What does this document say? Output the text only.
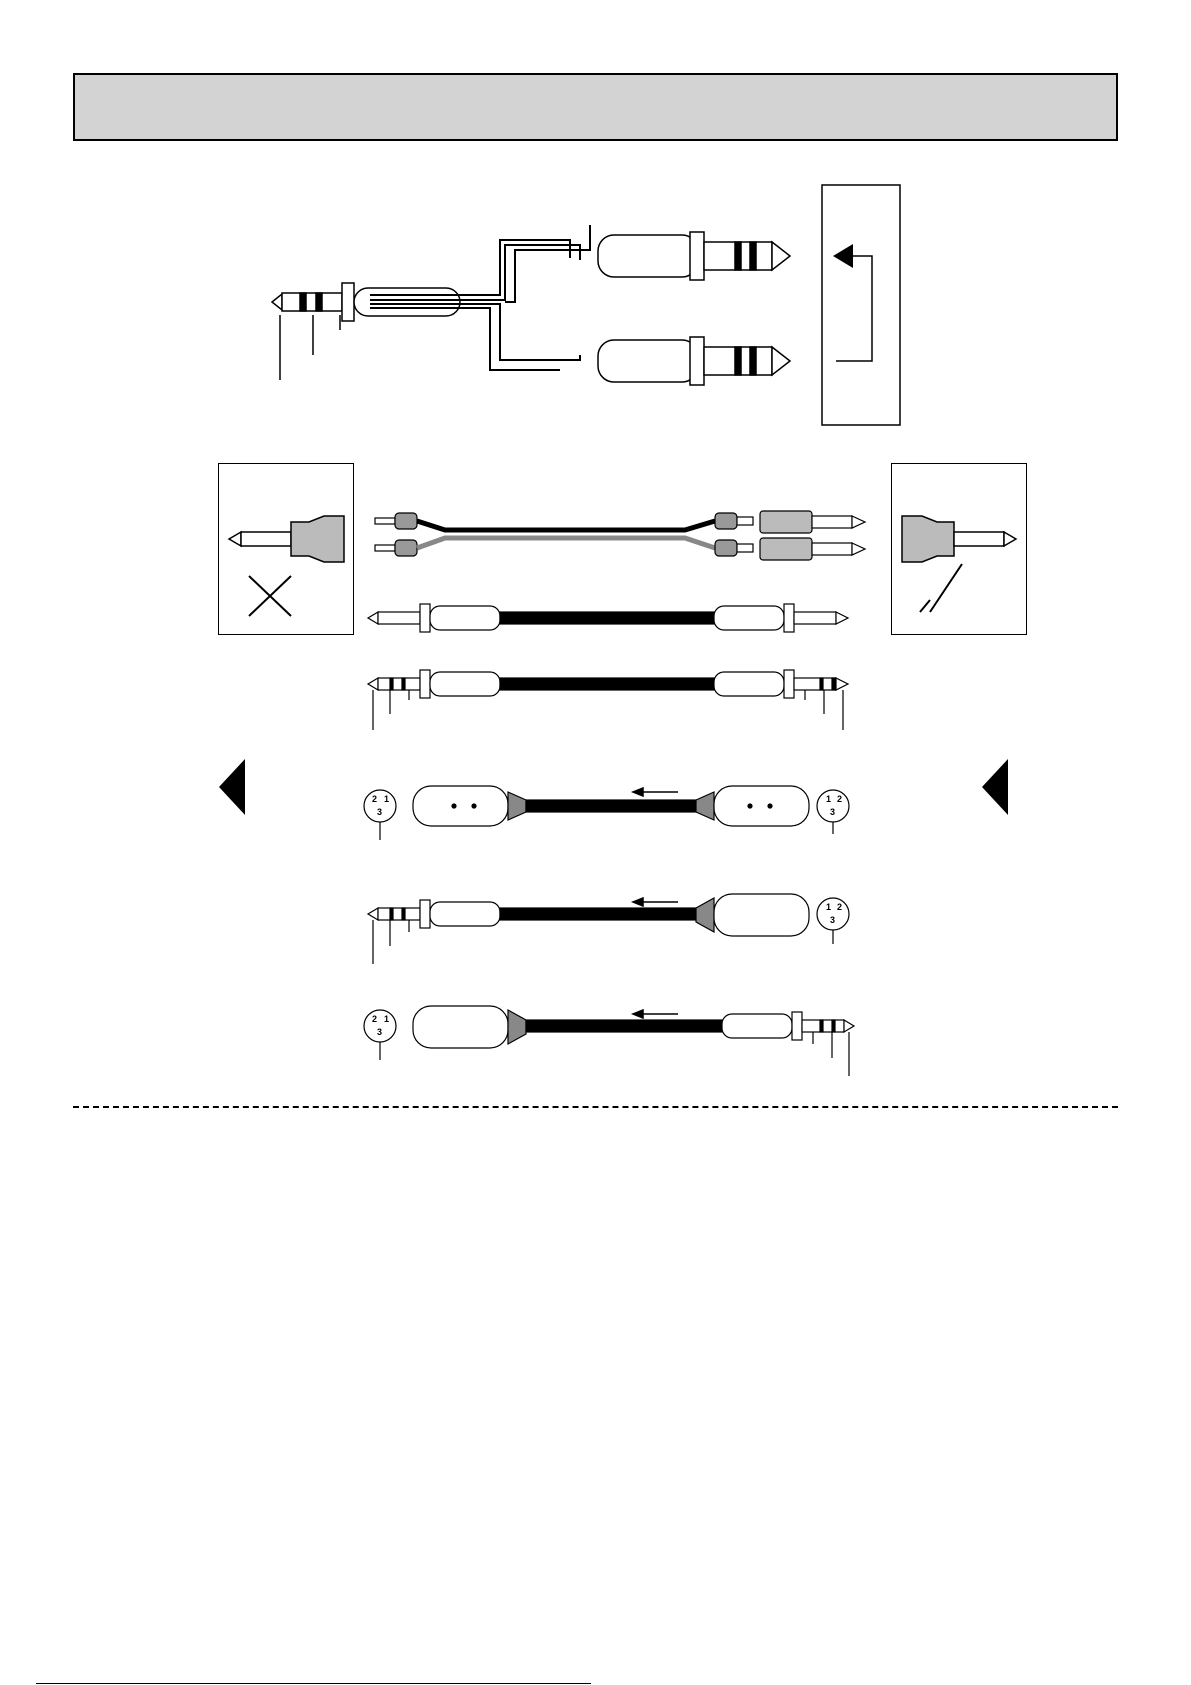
2 1
3
1 2
3
1 2
3
2 1
3
